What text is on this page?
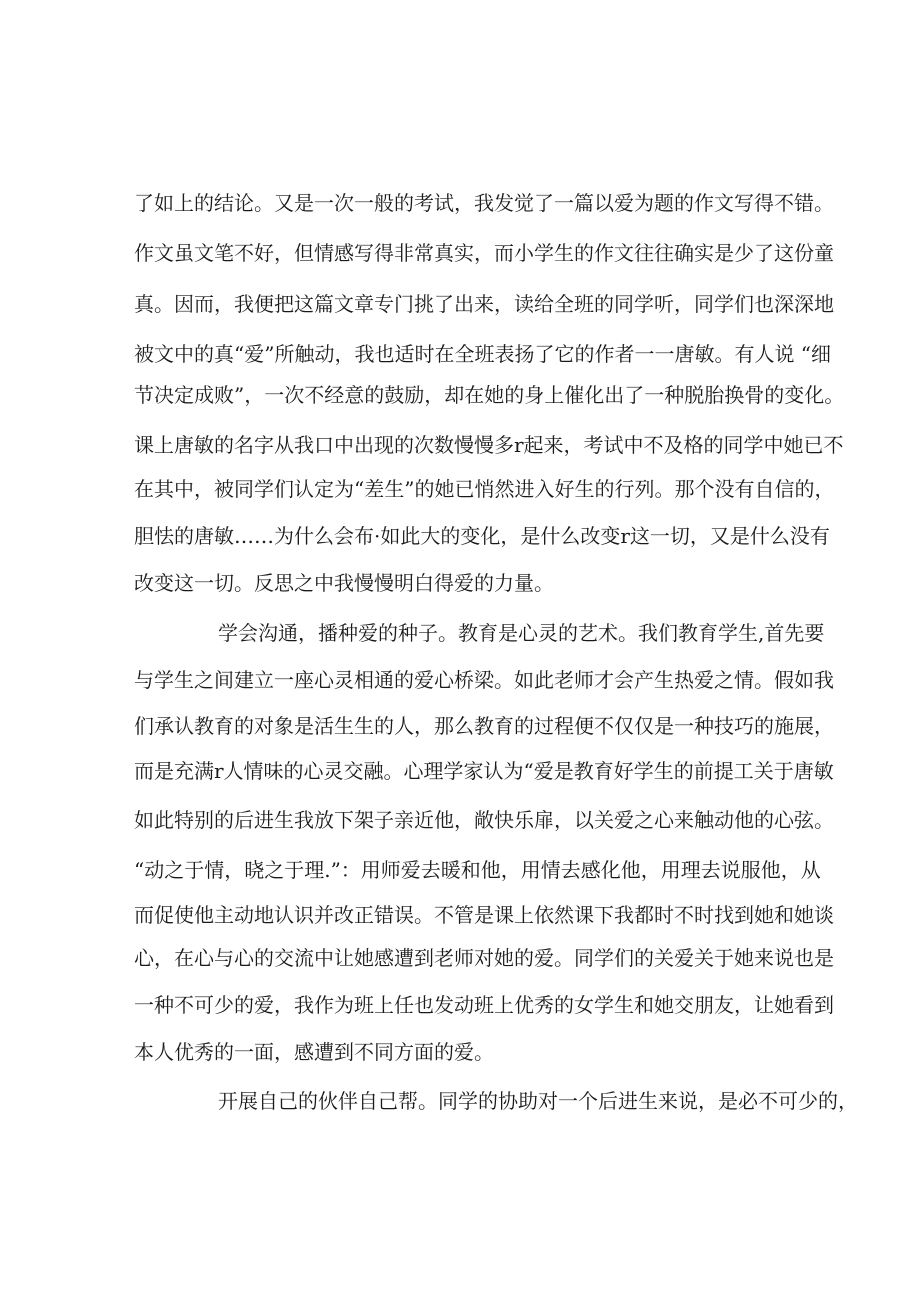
了如上的结论。又是一次一般的考试，我发觉了一篇以爱为题的作文写得不错。
作文虽文笔不好，但情感写得非常真实，而小学生的作文往往确实是少了这份童
真。因而，我便把这篇文章专门挑了出来，读给全班的同学听，同学们也深深地
被文中的真“爱”所触动，我也适时在全班表扬了它的作者一一唐敏。有人说 “细
节决定成败”，一次不经意的鼓励，却在她的身上催化出了一种脱胎换骨的变化。
课上唐敏的名字从我口中出现的次数慢慢多r起来，考试中不及格的同学中她已不
在其中，被同学们认定为“差生”的她已悄然进入好生的行列。那个没有自信的，
胆怯的唐敏……为什么会布·如此大的变化，是什么改变r这一切，又是什么没有
改变这一切。反思之中我慢慢明白得爱的力量。
学会沟通，播种爱的种子。教育是心灵的艺术。我们教育学生,首先要
与学生之间建立一座心灵相通的爱心桥梁。如此老师才会产生热爱之情。假如我
们承认教育的对象是活生生的人，那么教育的过程便不仅仅是一种技巧的施展，
而是充满r人情味的心灵交融。心理学家认为“爱是教育好学生的前提工关于唐敏
如此特别的后进生我放下架子亲近他，敞快乐扉，以关爱之心来触动他的心弦。
“动之于情，晓之于理.”：用师爱去暖和他，用情去感化他，用理去说服他，从
而促使他主动地认识并改正错误。不管是课上依然课下我都时不时找到她和她谈
心，在心与心的交流中让她感遭到老师对她的爱。同学们的关爱关于她来说也是
一种不可少的爱，我作为班上任也发动班上优秀的女学生和她交朋友，让她看到
本人优秀的一面，感遭到不同方面的爱。
开展自己的伙伴自己帮。同学的协助对一个后进生来说，是必不可少的，
